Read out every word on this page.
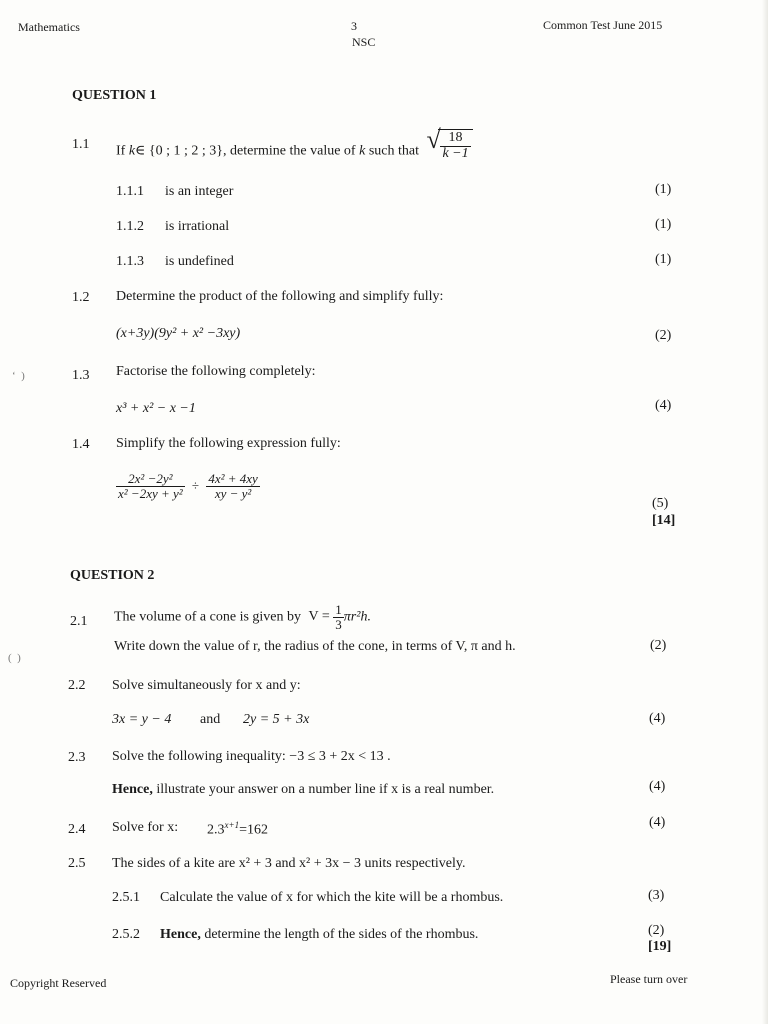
Mathematics	3
NSC
Common Test June 2015
QUESTION 1
1.1 If k∈ {0 ; 1 ; 2 ; 3}, determine the value of k such that √ $\frac{18}{k -1}$
1.1.1 is an integer	(1)
1.1.2 is irrational	(1)
1.1.3 is undefined	(1)
1.2 Determine the product of the following and simplify fully:
(x+3y)(9y² + x² −3xy)	(2)
‘  )	1.3 Factorise the following completely:
x³ + x² − x −1	(4)
1.4 Simplify the following expression fully:
$\frac{\text{2x² −2y²}}{\text{x² −2xy + y²}} \div \frac{\text{4x² + 4xy}}{\text{xy − y²}}$
(5)
[14]
QUESTION 2
2.1 The volume of a cone is given by $V = \frac{1}{3} \pi r^2h$.
Write down the value of r, the radius of the cone, in terms of V, π and h.	(2)
(  )
2.2 Solve simultaneously for x and y:
3x = y − 4 and 2y = 5 + 3x	(4)
2.3 Solve the following inequality: −3 ≤ 3 + 2x < 13 .
Hence, illustrate your answer on a number line if x is a real number.	(4)
2.4 Solve for x: $2.3^{x+1}=162$
(4)
2.5 The sides of a kite are x² + 3 and x² + 3x − 3 units respectively.
2.5.1 Calculate the value of x for which the kite will be a rhombus.	(3)
2.5.2 Hence, determine the length of the sides of the rhombus.	(2)
[19]
Copyright Reserved	Please turn over
